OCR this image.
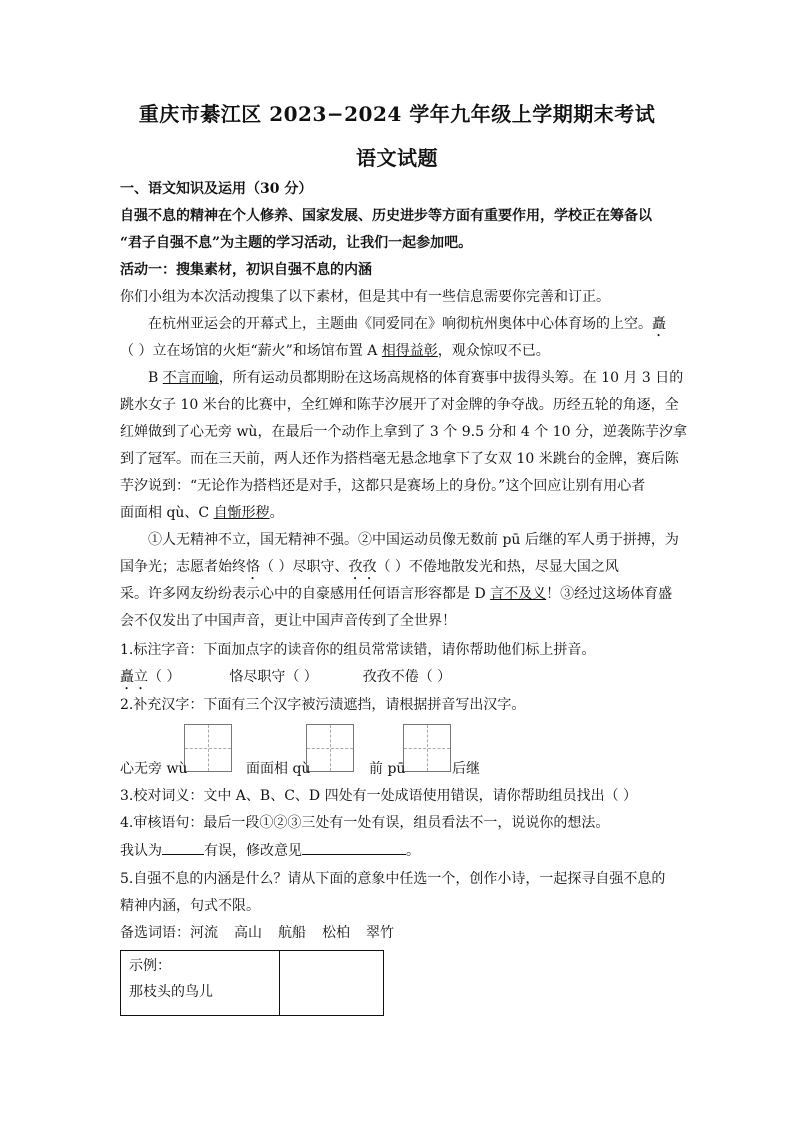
重庆市綦江区 2023−2024 学年九年级上学期期末考试
语文试题
一、语文知识及运用（30 分）
自强不息的精神在个人修养、国家发展、历史进步等方面有重要作用，学校正在筹备以
“君子自强不息”为主题的学习活动，让我们一起参加吧。
活动一：搜集素材，初识自强不息的内涵
你们小组为本次活动搜集了以下素材，但是其中有一些信息需要你完善和订正。
在杭州亚运会的开幕式上，主题曲《同爱同在》响彻杭州奥体中心体育场的上空。矗
（ ）立在场馆的火炬“薪火”和场馆布置 A 相得益彰，观众惊叹不已。
B 不言而喻，所有运动员都期盼在这场高规格的体育赛事中拔得头筹。在 10 月 3 日的
跳水女子 10 米台的比赛中，全红婵和陈芋汐展开了对金牌的争夺战。历经五轮的角逐，全
红婵做到了心无旁 wù，在最后一个动作上拿到了 3 个 9.5 分和 4 个 10 分，逆袭陈芋汐拿
到了冠军。而在三天前，两人还作为搭档毫无悬念地拿下了女双 10 米跳台的金牌，赛后陈
芋汐说到：“无论作为搭档还是对手，这都只是赛场上的身份。”这个回应让别有用心者
面面相 qù、C 自惭形秽。
①人无精神不立，国无精神不强。②中国运动员像无数前 pū 后继的军人勇于拼搏，为
国争光；志愿者始终恪（ ）尽职守、孜孜（ ）不倦地散发光和热，尽显大国之风
采。许多网友纷纷表示心中的自豪感用任何语言形容都是 D 言不及义！③经过这场体育盛
会不仅发出了中国声音，更让中国声音传到了全世界！
1.标注字音：下面加点字的读音你的组员常常读错，请你帮助他们标上拼音。
矗立（ ）	恪尽职守（ ）	孜孜不倦（ ）
2.补充汉字：下面有三个汉字被污渍遮挡，请根据拼音写出汉字。
心无旁 wù	面面相 qù	前 pū	后继
3.校对词义：文中 A、B、C、D 四处有一处成语使用错误，请你帮助组员找出（ ）
4.审核语句：最后一段①②③三处有一处有误，组员看法不一，说说你的想法。
我认为	有误，修改意见	。
5.自强不息的内涵是什么？请从下面的意象中任选一个，创作小诗，一起探寻自强不息的
精神内涵，句式不限。
备选词语：河流 高山 航船 松柏 翠竹
示例：
那枝头的鸟儿
